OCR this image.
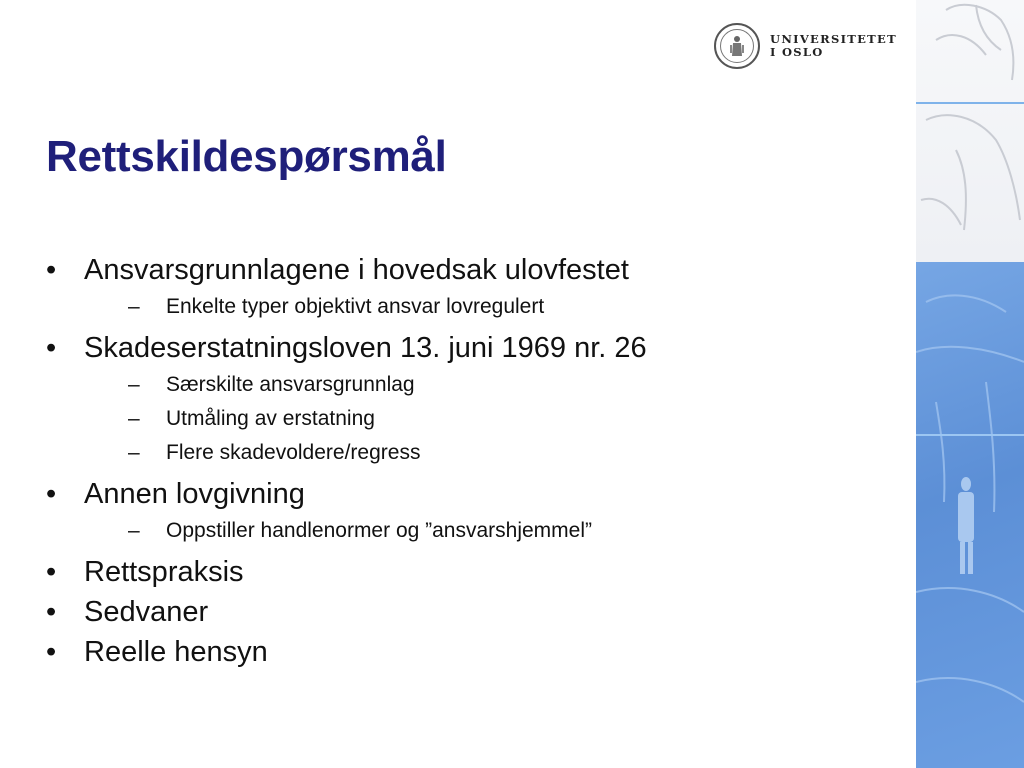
UNIVERSITETET
I OSLO
Rettskildespørsmål
• Ansvarsgrunnlagene i hovedsak ulovfestet
– Enkelte typer objektivt ansvar lovregulert
• Skadeserstatningsloven 13. juni 1969 nr. 26
– Særskilte ansvarsgrunnlag
– Utmåling av erstatning
– Flere skadevoldere/regress
• Annen lovgivning
– Oppstiller handlenormer og ”ansvarshjemmel”
• Rettspraksis
• Sedvaner
• Reelle hensyn
